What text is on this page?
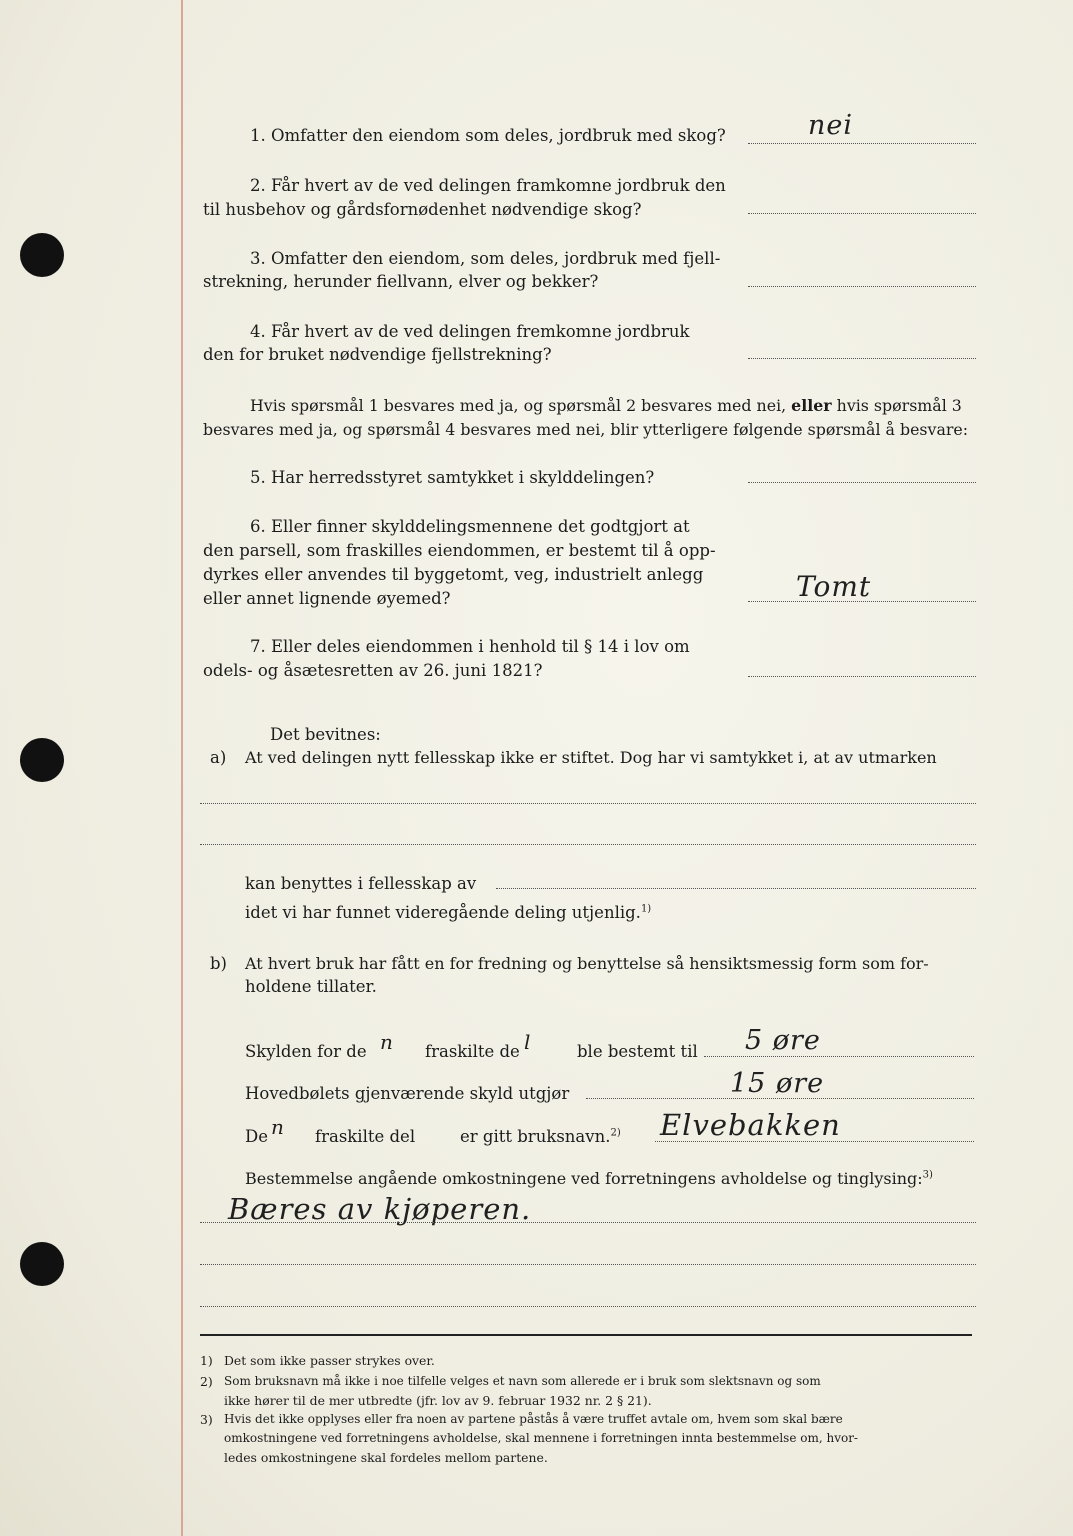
1. Omfatter den eiendom som deles, jordbruk med skog?	nei
2. Får hvert av de ved delingen framkomne jordbruk den
til husbehov og gårdsfornødenhet nødvendige skog?
3. Omfatter den eiendom, som deles, jordbruk med fjell-
strekning, herunder fiellvann, elver og bekker?
4. Får hvert av de ved delingen fremkomne jordbruk
den for bruket nødvendige fjellstrekning?
Hvis spørsmål 1 besvares med ja, og spørsmål 2 besvares med nei, eller hvis spørsmål 3
besvares med ja, og spørsmål 4 besvares med nei, blir ytterligere følgende spørsmål å besvare:
5. Har herredsstyret samtykket i skylddelingen?
6. Eller finner skylddelingsmennene det godtgjort at
den parsell, som fraskilles eiendommen, er bestemt til å opp-
dyrkes eller anvendes til byggetomt, veg, industrielt anlegg
eller annet lignende øyemed?	Tomt
7. Eller deles eiendommen i henhold til § 14 i lov om
odels- og åsætesretten av 26. juni 1821?
Det bevitnes:
a) At ved delingen nytt fellesskap ikke er stiftet. Dog har vi samtykket i, at av utmarken
kan benyttes i fellesskap av
idet vi har funnet videregående deling utjenlig.$^{1)}$
b) At hvert bruk har fått en for fredning og benyttelse så hensiktsmessig form som for-
holdene tillater.
Skylden for de n fraskilte de l	ble bestemt til 5 øre
Hovedbølets gjenværende skyld utgjør	15 øre
De n fraskilte del	er gitt bruksnavn.$^{2)}$ Elvebakken
Bestemmelse angående omkostningene ved forretningens avholdelse og tinglysing:$^{3)}$
Bæres av kjøperen.
1) Det som ikke passer strykes over.
2) Som bruksnavn må ikke i noe tilfelle velges et navn som allerede er i bruk som slektsnavn og som
ikke hører til de mer utbredte (jfr. lov av 9. februar 1932 nr. 2 § 21).
3) Hvis det ikke opplyses eller fra noen av partene påstås å være truffet avtale om, hvem som skal bære
omkostningene ved forretningens avholdelse, skal mennene i forretningen innta bestemmelse om, hvor-
ledes omkostningene skal fordeles mellom partene.
